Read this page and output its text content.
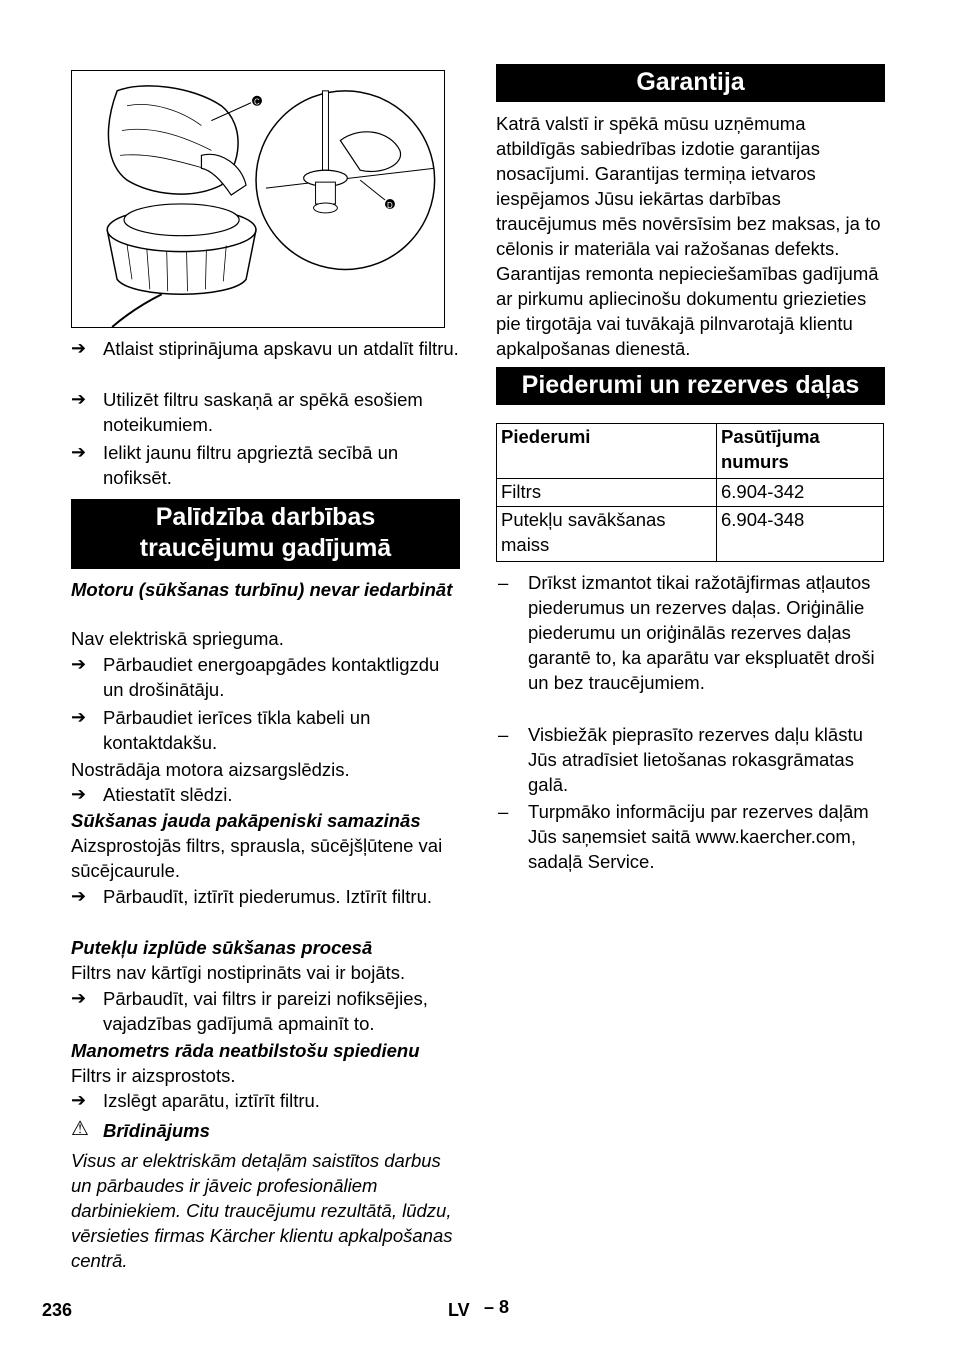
C
D
➔ Atlaist stiprinājuma apskavu un atdalīt filtru.
➔ Utilizēt filtru saskaņā ar spēkā esošiem noteikumiem.
➔ Ielikt jaunu filtru apgrieztā secībā un nofiksēt.
Palīdzība darbības traucējumu gadījumā
Motoru (sūkšanas turbīnu) nevar iedarbināt
Nav elektriskā sprieguma.
➔ Pārbaudiet energoapgādes kontaktligzdu un drošinātāju.
➔ Pārbaudiet ierīces tīkla kabeli un kontaktdakšu.
Nostrādāja motora aizsargslēdzis.
➔ Atiestatīt slēdzi.
Sūkšanas jauda pakāpeniski samazinās
Aizsprostojās filtrs, sprausla, sūcējšļūtene vai sūcējcaurule.
➔ Pārbaudīt, iztīrīt piederumus. Iztīrīt filtru.
Putekļu izplūde sūkšanas procesā
Filtrs nav kārtīgi nostiprināts vai ir bojāts.
➔ Pārbaudīt, vai filtrs ir pareizi nofiksējies, vajadzības gadījumā apmainīt to.
Manometrs rāda neatbilstošu spiedienu
Filtrs ir aizsprostots.
➔ Izslēgt aparātu, iztīrīt filtru.
⚠ Brīdinājums
Visus ar elektriskām detaļām saistītos darbus un pārbaudes ir jāveic profesionāliem darbiniekiem. Citu traucējumu rezultātā, lūdzu, vērsieties firmas Kärcher klientu apkalpošanas centrā.
Garantija
Katrā valstī ir spēkā mūsu uzņēmuma atbildīgās sabiedrības izdotie garantijas nosacījumi. Garantijas termiņa ietvaros iespējamos Jūsu iekārtas darbības traucējumus mēs novērsīsim bez maksas, ja to cēlonis ir materiāla vai ražošanas defekts. Garantijas remonta nepieciešamības gadījumā ar pirkumu apliecinošu dokumentu griezieties pie tirgotāja vai tuvākajā pilnvarotajā klientu apkalpošanas dienestā.
Piederumi un rezerves daļas
Piederumi	Pasūtījuma numurs
Filtrs	6.904-342
Putekļu savākšanas maiss	6.904-348
– Drīkst izmantot tikai ražotājfirmas atļautos piederumus un rezerves daļas. Oriģinālie piederumu un oriģinālās rezerves daļas garantē to, ka aparātu var ekspluatēt droši un bez traucējumiem.
– Visbiežāk pieprasīto rezerves daļu klāstu Jūs atradīsiet lietošanas rokasgrāmatas galā.
– Turpmāko informāciju par rezerves daļām Jūs saņemsiet saitā www.kaercher.com, sadaļā Service.
236	LV – 8
